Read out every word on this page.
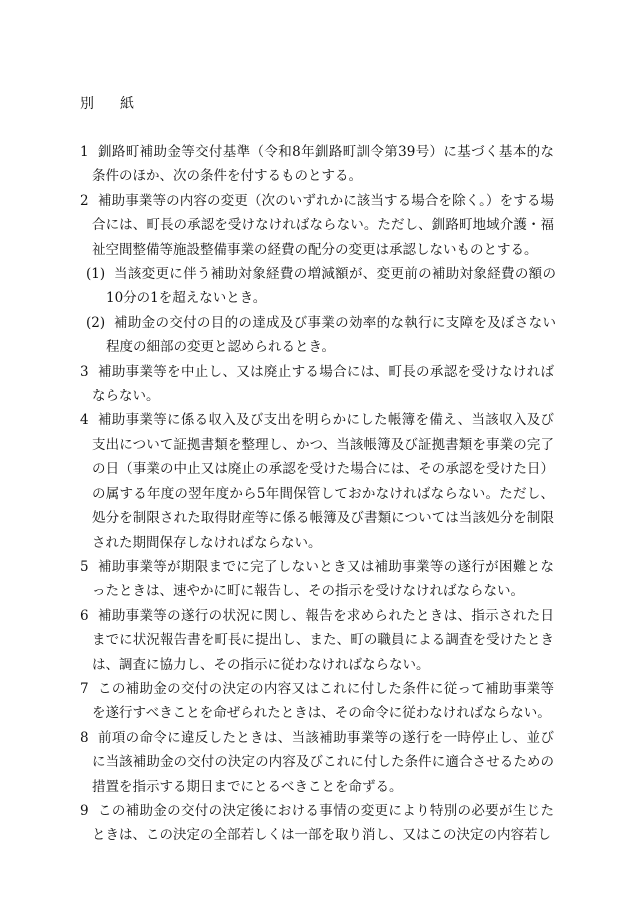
別　紙
1 釧路町補助金等交付基準（令和8年釧路町訓令第39号）に基づく基本的な条件のほか、次の条件を付するものとする。

2 補助事業等の内容の変更（次のいずれかに該当する場合を除く。）をする場合には、町長の承認を受けなければならない。ただし、釧路町地域介護・福祉空間整備等施設整備事業の経費の配分の変更は承認しないものとする。

(1) 当該変更に伴う補助対象経費の増減額が、変更前の補助対象経費の額の10分の1を超えないとき。

(2) 補助金の交付の目的の達成及び事業の効率的な執行に支障を及ぼさない程度の細部の変更と認められるとき。

3 補助事業等を中止し、又は廃止する場合には、町長の承認を受けなければならない。

4 補助事業等に係る収入及び支出を明らかにした帳簿を備え、当該収入及び支出について証拠書類を整理し、かつ、当該帳簿及び証拠書類を事業の完了の日（事業の中止又は廃止の承認を受けた場合には、その承認を受けた日）の属する年度の翌年度から5年間保管しておかなければならない。ただし、処分を制限された取得財産等に係る帳簿及び書類については当該処分を制限された期間保存しなければならない。

5 補助事業等が期限までに完了しないとき又は補助事業等の遂行が困難となったときは、速やかに町に報告し、その指示を受けなければならない。

6 補助事業等の遂行の状況に関し、報告を求められたときは、指示された日までに状況報告書を町長に提出し、また、町の職員による調査を受けたときは、調査に協力し、その指示に従わなければならない。

7 この補助金の交付の決定の内容又はこれに付した条件に従って補助事業等を遂行すべきことを命ぜられたときは、その命令に従わなければならない。

8 前項の命令に違反したときは、当該補助事業等の遂行を一時停止し、並びに当該補助金の交付の決定の内容及びこれに付した条件に適合させるための措置を指示する期日までにとるべきことを命ずる。

9 この補助金の交付の決定後における事情の変更により特別の必要が生じたときは、この決定の全部若しくは一部を取り消し、又はこの決定の内容若し
